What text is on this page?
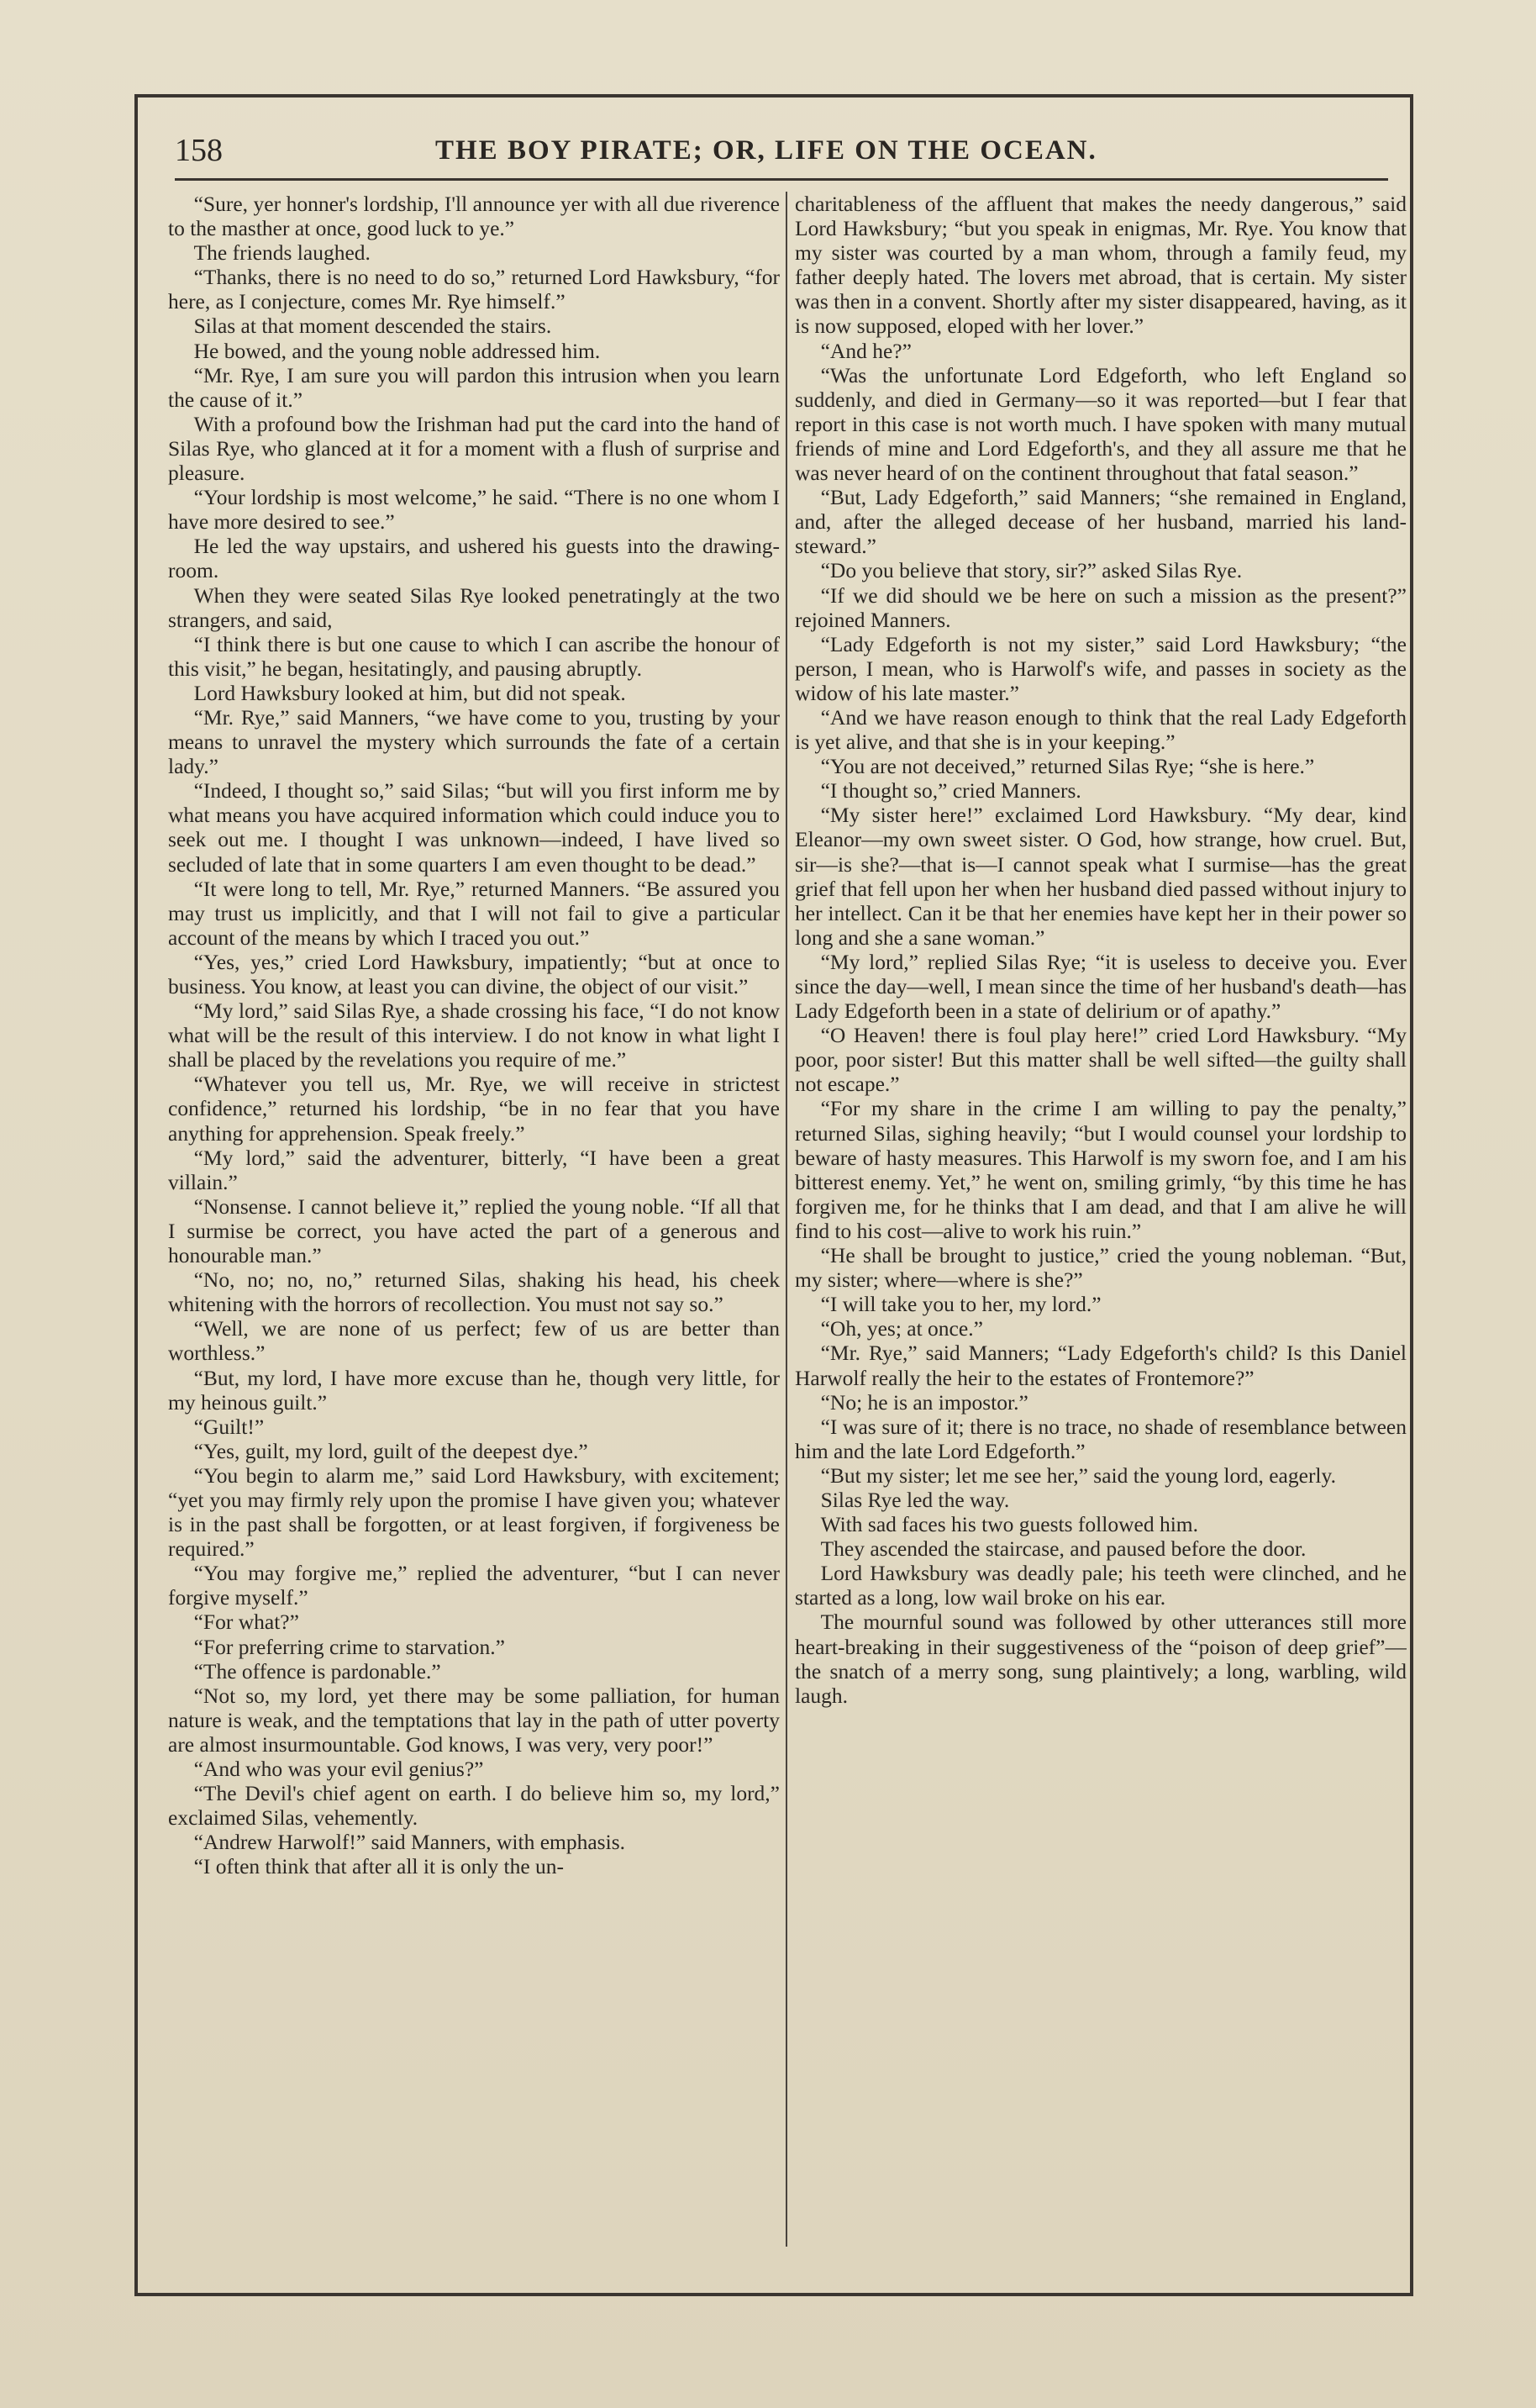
158	THE BOY PIRATE; OR, LIFE ON THE OCEAN.

“Sure, yer honner's lordship, I'll announce yer with all due riverence to the masther at once, good luck to ye.”

The friends laughed.

“Thanks, there is no need to do so,” returned Lord Hawksbury, “for here, as I conjecture, comes Mr. Rye himself.”

Silas at that moment descended the stairs.

He bowed, and the young noble addressed him.

“Mr. Rye, I am sure you will pardon this intrusion when you learn the cause of it.”

With a profound bow the Irishman had put the card into the hand of Silas Rye, who glanced at it for a moment with a flush of surprise and pleasure.

“Your lordship is most welcome,” he said. “There is no one whom I have more desired to see.”

He led the way upstairs, and ushered his guests into the drawing-room.

When they were seated Silas Rye looked penetratingly at the two strangers, and said,

“I think there is but one cause to which I can ascribe the honour of this visit,” he began, hesitatingly, and pausing abruptly.

Lord Hawksbury looked at him, but did not speak.

“Mr. Rye,” said Manners, “we have come to you, trusting by your means to unravel the mystery which surrounds the fate of a certain lady.”

“Indeed, I thought so,” said Silas; “but will you first inform me by what means you have acquired information which could induce you to seek out me. I thought I was unknown—indeed, I have lived so secluded of late that in some quarters I am even thought to be dead.”

“It were long to tell, Mr. Rye,” returned Manners. “Be assured you may trust us implicitly, and that I will not fail to give a particular account of the means by which I traced you out.”

“Yes, yes,” cried Lord Hawksbury, impatiently; “but at once to business. You know, at least you can divine, the object of our visit.”

“My lord,” said Silas Rye, a shade crossing his face, “I do not know what will be the result of this interview. I do not know in what light I shall be placed by the revelations you require of me.”

“Whatever you tell us, Mr. Rye, we will receive in strictest confidence,” returned his lordship, “be in no fear that you have anything for apprehension. Speak freely.”

“My lord,” said the adventurer, bitterly, “I have been a great villain.”

“Nonsense. I cannot believe it,” replied the young noble. “If all that I surmise be correct, you have acted the part of a generous and honourable man.”

“No, no; no, no,” returned Silas, shaking his head, his cheek whitening with the horrors of recollection. You must not say so.”

“Well, we are none of us perfect; few of us are better than worthless.”

“But, my lord, I have more excuse than he, though very little, for my heinous guilt.”

“Guilt!”

“Yes, guilt, my lord, guilt of the deepest dye.”

“You begin to alarm me,” said Lord Hawksbury, with excitement; “yet you may firmly rely upon the promise I have given you; whatever is in the past shall be forgotten, or at least forgiven, if forgiveness be required.”

“You may forgive me,” replied the adventurer, “but I can never forgive myself.”

“For what?”

“For preferring crime to starvation.”

“The offence is pardonable.”

“Not so, my lord, yet there may be some palliation, for human nature is weak, and the temptations that lay in the path of utter poverty are almost insurmountable. God knows, I was very, very poor!”

“And who was your evil genius?”

“The Devil's chief agent on earth. I do believe him so, my lord,” exclaimed Silas, vehemently.

“Andrew Harwolf!” said Manners, with emphasis.

“I often think that after all it is only the un-

charitableness of the affluent that makes the needy dangerous,” said Lord Hawksbury; “but you speak in enigmas, Mr. Rye. You know that my sister was courted by a man whom, through a family feud, my father deeply hated. The lovers met abroad, that is certain. My sister was then in a convent. Shortly after my sister disappeared, having, as it is now supposed, eloped with her lover.”

“And he?”

“Was the unfortunate Lord Edgeforth, who left England so suddenly, and died in Germany—so it was reported—but I fear that report in this case is not worth much. I have spoken with many mutual friends of mine and Lord Edgeforth's, and they all assure me that he was never heard of on the continent throughout that fatal season.”

“But, Lady Edgeforth,” said Manners; “she remained in England, and, after the alleged decease of her husband, married his land-steward.”

“Do you believe that story, sir?” asked Silas Rye.

“If we did should we be here on such a mission as the present?” rejoined Manners.

“Lady Edgeforth is not my sister,” said Lord Hawksbury; “the person, I mean, who is Harwolf's wife, and passes in society as the widow of his late master.”

“And we have reason enough to think that the real Lady Edgeforth is yet alive, and that she is in your keeping.”

“You are not deceived,” returned Silas Rye; “she is here.”

“I thought so,” cried Manners.

“My sister here!” exclaimed Lord Hawksbury. “My dear, kind Eleanor—my own sweet sister. O God, how strange, how cruel. But, sir—is she?—that is—I cannot speak what I surmise—has the great grief that fell upon her when her husband died passed without injury to her intellect. Can it be that her enemies have kept her in their power so long and she a sane woman.”

“My lord,” replied Silas Rye; “it is useless to deceive you. Ever since the day—well, I mean since the time of her husband's death—has Lady Edgeforth been in a state of delirium or of apathy.”

“O Heaven! there is foul play here!” cried Lord Hawksbury. “My poor, poor sister! But this matter shall be well sifted—the guilty shall not escape.”

“For my share in the crime I am willing to pay the penalty,” returned Silas, sighing heavily; “but I would counsel your lordship to beware of hasty measures. This Harwolf is my sworn foe, and I am his bitterest enemy. Yet,” he went on, smiling grimly, “by this time he has forgiven me, for he thinks that I am dead, and that I am alive he will find to his cost—alive to work his ruin.”

“He shall be brought to justice,” cried the young nobleman. “But, my sister; where—where is she?”

“I will take you to her, my lord.”

“Oh, yes; at once.”

“Mr. Rye,” said Manners; “Lady Edgeforth's child? Is this Daniel Harwolf really the heir to the estates of Frontemore?”

“No; he is an impostor.”

“I was sure of it; there is no trace, no shade of resemblance between him and the late Lord Edgeforth.”

“But my sister; let me see her,” said the young lord, eagerly.

Silas Rye led the way.

With sad faces his two guests followed him.

They ascended the staircase, and paused before the door.

Lord Hawksbury was deadly pale; his teeth were clinched, and he started as a long, low wail broke on his ear.

The mournful sound was followed by other utterances still more heart-breaking in their suggestiveness of the “poison of deep grief”—the snatch of a merry song, sung plaintively; a long, warbling, wild laugh.
